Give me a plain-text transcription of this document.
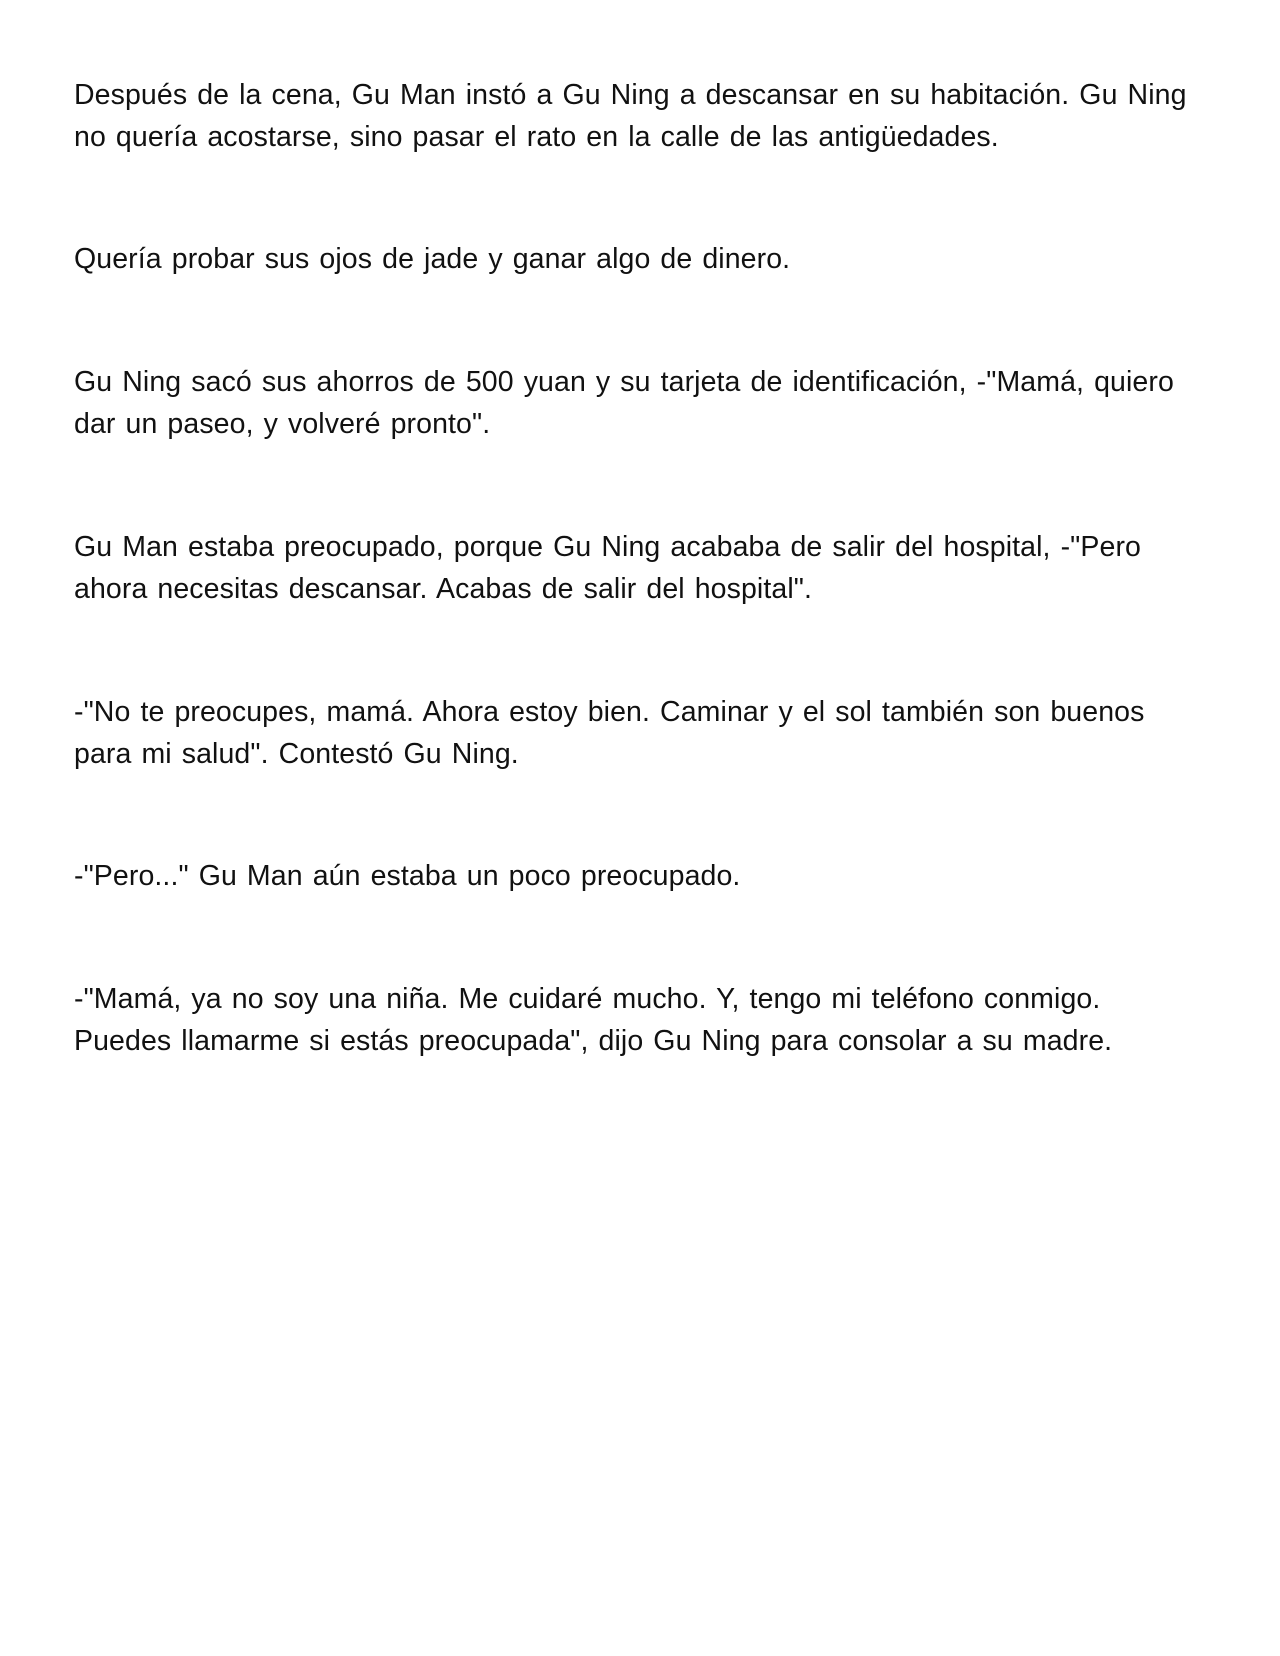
Después de la cena, Gu Man instó a Gu Ning a descansar en su habitación. Gu Ning
no quería acostarse, sino pasar el rato en la calle de las antigüedades.

Quería probar sus ojos de jade y ganar algo de dinero.

Gu Ning sacó sus ahorros de 500 yuan y su tarjeta de identificación, -"Mamá, quiero
dar un paseo, y volveré pronto".

Gu Man estaba preocupado, porque Gu Ning acababa de salir del hospital, -"Pero
ahora necesitas descansar. Acabas de salir del hospital".

-"No te preocupes, mamá. Ahora estoy bien. Caminar y el sol también son buenos
para mi salud". Contestó Gu Ning.

-"Pero..." Gu Man aún estaba un poco preocupado.

-"Mamá, ya no soy una niña. Me cuidaré mucho. Y, tengo mi teléfono conmigo.
Puedes llamarme si estás preocupada", dijo Gu Ning para consolar a su madre.
